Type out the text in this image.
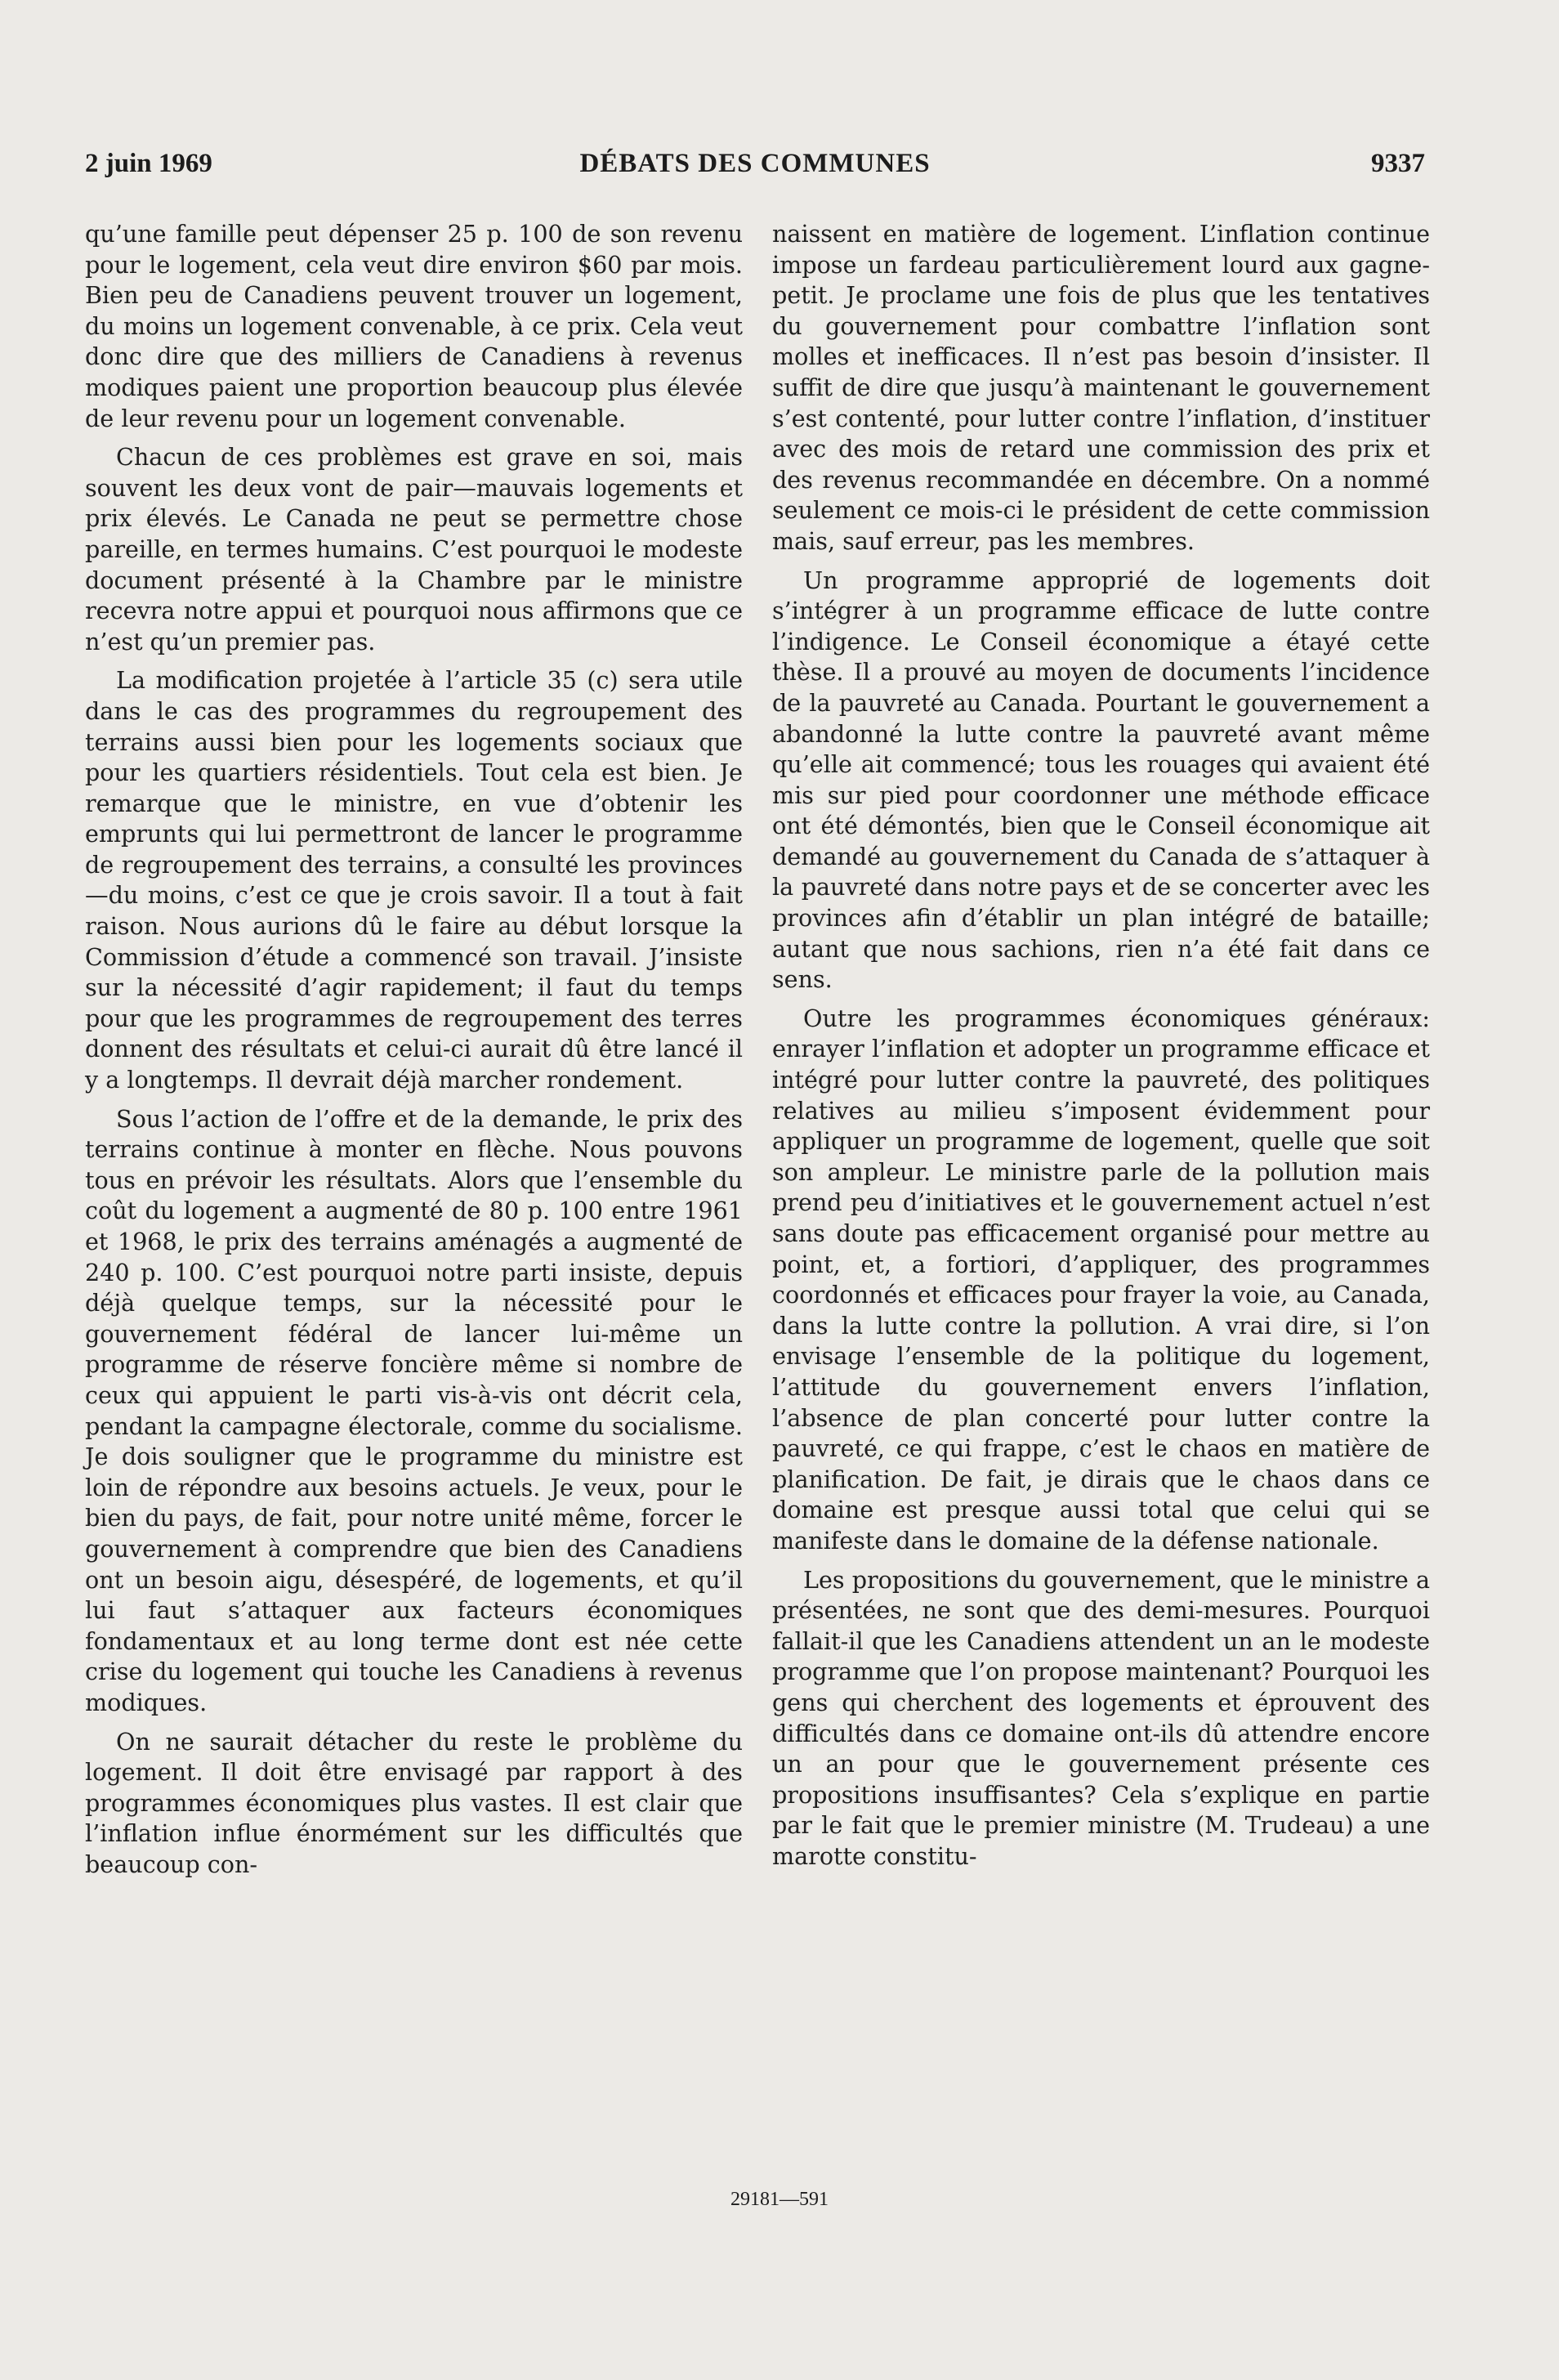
2 juin 1969	DÉBATS DES COMMUNES	9337

qu’une famille peut dépenser 25 p. 100 de son revenu pour le logement, cela veut dire environ $60 par mois. Bien peu de Canadiens peuvent trouver un logement, du moins un logement convenable, à ce prix. Cela veut donc dire que des milliers de Canadiens à revenus modiques paient une proportion beaucoup plus élevée de leur revenu pour un logement convenable.

Chacun de ces problèmes est grave en soi, mais souvent les deux vont de pair—mauvais logements et prix élevés. Le Canada ne peut se permettre chose pareille, en termes humains. C’est pourquoi le modeste document présenté à la Chambre par le ministre recevra notre appui et pourquoi nous affirmons que ce n’est qu’un premier pas.

La modification projetée à l’article 35 (c) sera utile dans le cas des programmes du regroupement des terrains aussi bien pour les logements sociaux que pour les quartiers résidentiels. Tout cela est bien. Je remarque que le ministre, en vue d’obtenir les emprunts qui lui permettront de lancer le programme de regroupement des terrains, a consulté les provinces—du moins, c’est ce que je crois savoir. Il a tout à fait raison. Nous aurions dû le faire au début lorsque la Commission d’étude a commencé son travail. J’insiste sur la nécessité d’agir rapidement; il faut du temps pour que les programmes de regroupement des terres donnent des résultats et celui-ci aurait dû être lancé il y a longtemps. Il devrait déjà marcher rondement.

Sous l’action de l’offre et de la demande, le prix des terrains continue à monter en flèche. Nous pouvons tous en prévoir les résultats. Alors que l’ensemble du coût du logement a augmenté de 80 p. 100 entre 1961 et 1968, le prix des terrains aménagés a augmenté de 240 p. 100. C’est pourquoi notre parti insiste, depuis déjà quelque temps, sur la nécessité pour le gouvernement fédéral de lancer lui-même un programme de réserve foncière même si nombre de ceux qui appuient le parti vis-à-vis ont décrit cela, pendant la campagne électorale, comme du socialisme. Je dois souligner que le programme du ministre est loin de répondre aux besoins actuels. Je veux, pour le bien du pays, de fait, pour notre unité même, forcer le gouvernement à comprendre que bien des Canadiens ont un besoin aigu, désespéré, de logements, et qu’il lui faut s’attaquer aux facteurs économiques fondamentaux et au long terme dont est née cette crise du logement qui touche les Canadiens à revenus modiques.

On ne saurait détacher du reste le problème du logement. Il doit être envisagé par rapport à des programmes économiques plus vastes. Il est clair que l’inflation influe énormément sur les difficultés que beaucoup con-

naissent en matière de logement. L’inflation continue impose un fardeau particulièrement lourd aux gagne-petit. Je proclame une fois de plus que les tentatives du gouvernement pour combattre l’inflation sont molles et inefficaces. Il n’est pas besoin d’insister. Il suffit de dire que jusqu’à maintenant le gouvernement s’est contenté, pour lutter contre l’inflation, d’instituer avec des mois de retard une commission des prix et des revenus recommandée en décembre. On a nommé seulement ce mois-ci le président de cette commission mais, sauf erreur, pas les membres.

Un programme approprié de logements doit s’intégrer à un programme efficace de lutte contre l’indigence. Le Conseil économique a étayé cette thèse. Il a prouvé au moyen de documents l’incidence de la pauvreté au Canada. Pourtant le gouvernement a abandonné la lutte contre la pauvreté avant même qu’elle ait commencé; tous les rouages qui avaient été mis sur pied pour coordonner une méthode efficace ont été démontés, bien que le Conseil économique ait demandé au gouvernement du Canada de s’attaquer à la pauvreté dans notre pays et de se concerter avec les provinces afin d’établir un plan intégré de bataille; autant que nous sachions, rien n’a été fait dans ce sens.

Outre les programmes économiques généraux: enrayer l’inflation et adopter un programme efficace et intégré pour lutter contre la pauvreté, des politiques relatives au milieu s’imposent évidemment pour appliquer un programme de logement, quelle que soit son ampleur. Le ministre parle de la pollution mais prend peu d’initiatives et le gouvernement actuel n’est sans doute pas efficacement organisé pour mettre au point, et, a fortiori, d’appliquer, des programmes coordonnés et efficaces pour frayer la voie, au Canada, dans la lutte contre la pollution. A vrai dire, si l’on envisage l’ensemble de la politique du logement, l’attitude du gouvernement envers l’inflation, l’absence de plan concerté pour lutter contre la pauvreté, ce qui frappe, c’est le chaos en matière de planification. De fait, je dirais que le chaos dans ce domaine est presque aussi total que celui qui se manifeste dans le domaine de la défense nationale.

Les propositions du gouvernement, que le ministre a présentées, ne sont que des demi-mesures. Pourquoi fallait-il que les Canadiens attendent un an le modeste programme que l’on propose maintenant? Pourquoi les gens qui cherchent des logements et éprouvent des difficultés dans ce domaine ont-ils dû attendre encore un an pour que le gouvernement présente ces propositions insuffisantes? Cela s’explique en partie par le fait que le premier ministre (M. Trudeau) a une marotte constitu-

29181—591
